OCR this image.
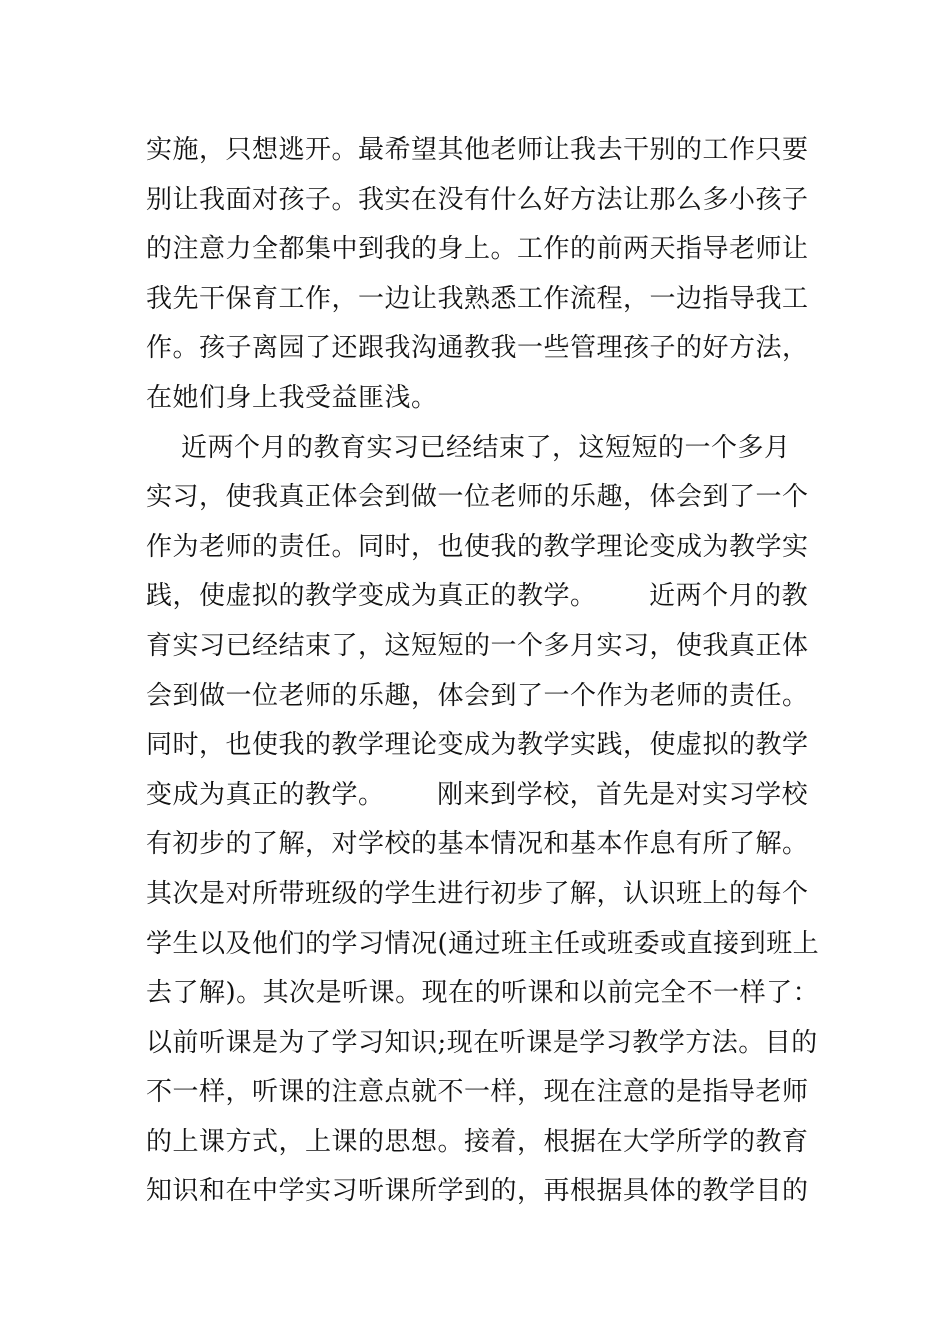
实施，只想逃开。最希望其他老师让我去干别的工作只要
别让我面对孩子。我实在没有什么好方法让那么多小孩子
的注意力全都集中到我的身上。工作的前两天指导老师让
我先干保育工作，一边让我熟悉工作流程，一边指导我工
作。孩子离园了还跟我沟通教我一些管理孩子的好方法，
在她们身上我受益匪浅。
近两个月的教育实习已经结束了，这短短的一个多月
实习，使我真正体会到做一位老师的乐趣，体会到了一个
作为老师的责任。同时，也使我的教学理论变成为教学实
践，使虚拟的教学变成为真正的教学。      近两个月的教
育实习已经结束了，这短短的一个多月实习，使我真正体
会到做一位老师的乐趣，体会到了一个作为老师的责任。
同时，也使我的教学理论变成为教学实践，使虚拟的教学
变成为真正的教学。      刚来到学校，首先是对实习学校
有初步的了解，对学校的基本情况和基本作息有所了解。
其次是对所带班级的学生进行初步了解，认识班上的每个
学生以及他们的学习情况(通过班主任或班委或直接到班上
去了解)。其次是听课。现在的听课和以前完全不一样了：
以前听课是为了学习知识;现在听课是学习教学方法。目的
不一样，听课的注意点就不一样，现在注意的是指导老师
的上课方式，上课的思想。接着，根据在大学所学的教育
知识和在中学实习听课所学到的，再根据具体的教学目的
